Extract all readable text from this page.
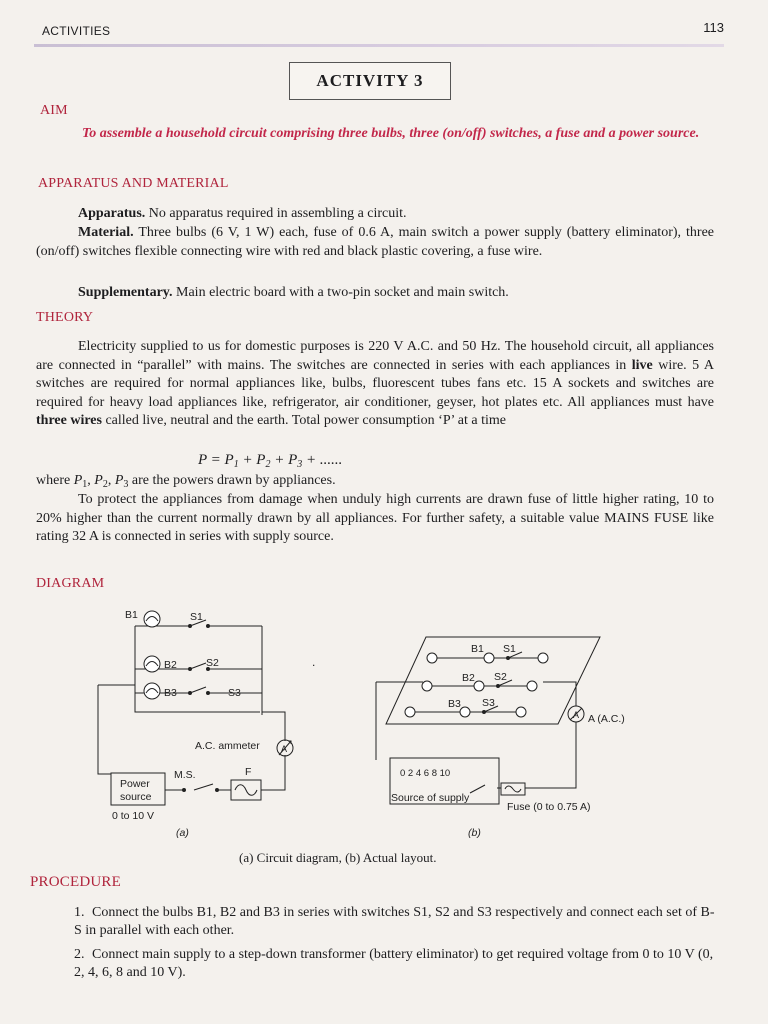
ACTIVITIES	113
ACTIVITY 3
AIM
To assemble a household circuit comprising three bulbs, three (on/off) switches, a fuse and a power source.
APPARATUS AND MATERIAL
Apparatus. No apparatus required in assembling a circuit.
Material. Three bulbs (6 V, 1 W) each, fuse of 0.6 A, main switch a power supply (battery eliminator), three (on/off) switches flexible connecting wire with red and black plastic covering, a fuse wire.
Supplementary. Main electric board with a two-pin socket and main switch.
THEORY
Electricity supplied to us for domestic purposes is 220 V A.C. and 50 Hz. The household circuit, all appliances are connected in “parallel” with mains. The switches are connected in series with each appliances in live wire. 5 A switches are required for normal appliances like, bulbs, fluorescent tubes fans etc. 15 A sockets and switches are required for heavy load appliances like, refrigerator, air conditioner, geyser, hot plates etc. All appliances must have three wires called live, neutral and the earth. Total power consumption ‘P’ at a time
$P = P_1 + P_2 + P_3$ + ......
where $P_1$, $P_2$, $P_3$ are the powers drawn by appliances.
To protect the appliances from damage when unduly high currents are drawn fuse of little higher rating, 10 to 20% higher than the current normally drawn by all appliances. For further safety, a suitable value MAINS FUSE like rating 32 A is connected in series with supply source.
DIAGRAM
B1
B2
B3
S1
S2
S3
A.C. ammeter A
M.S.	F
Power
source
0 to 10 V
(a)
.
B1
B2
B3
S1
S2
S3
A A (A.C.)
0 2 4 6 8 10
Source of supply
Fuse (0 to 0.75 A)
(b)
(a) Circuit diagram, (b) Actual layout.
PROCEDURE
1. Connect the bulbs B1, B2 and B3 in series with switches S1, S2 and S3 respectively and connect each set of B-S in parallel with each other.
2. Connect main supply to a step-down transformer (battery eliminator) to get required voltage from 0 to 10 V (0, 2, 4, 6, 8 and 10 V).
